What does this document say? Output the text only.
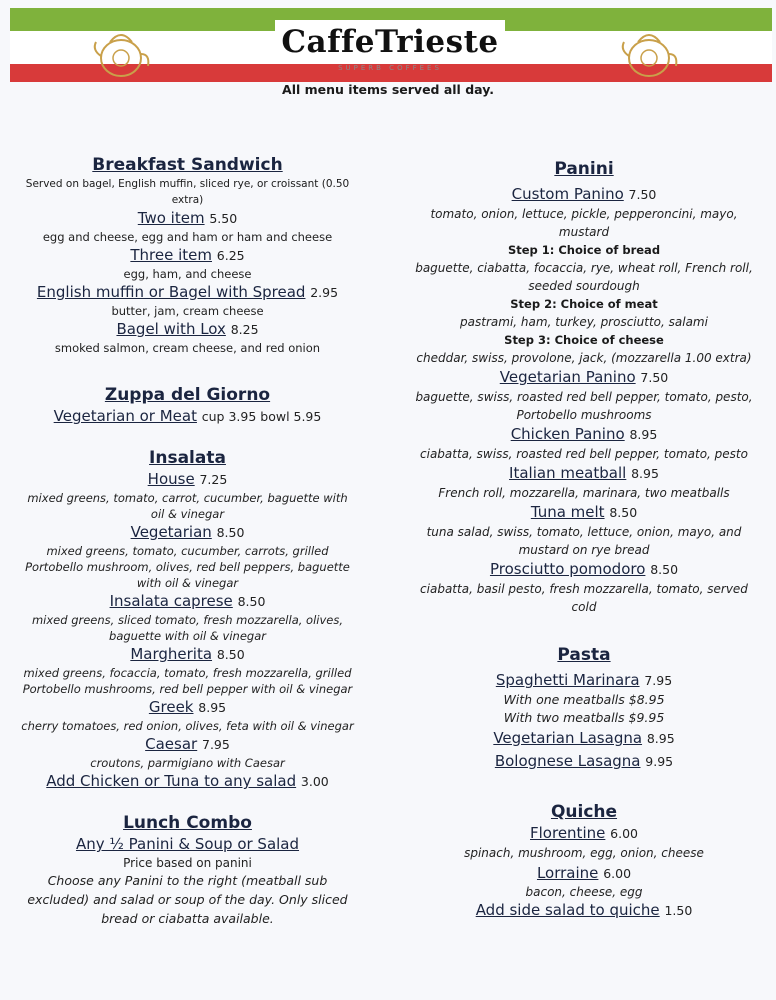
CaffeTrieste
SUPERB COFFEES
All menu items served all day.

Breakfast Sandwich

Served on bagel, English muffin, sliced rye, or croissant (0.50 extra)

Two item 5.50

egg and cheese, egg and ham or ham and cheese

Three item 6.25

egg, ham, and cheese

English muffin or Bagel with Spread 2.95

butter, jam, cream cheese

Bagel with Lox 8.25

smoked salmon, cream cheese, and red onion

Zuppa del Giorno

Vegetarian or Meat cup 3.95 bowl 5.95

Insalata

House 7.25

mixed greens, tomato, carrot, cucumber, baguette with oil & vinegar

Vegetarian 8.50

mixed greens, tomato, cucumber, carrots, grilled Portobello mushroom, olives, red bell peppers, baguette with oil & vinegar

Insalata caprese 8.50

mixed greens, sliced tomato, fresh mozzarella, olives, baguette with oil & vinegar

Margherita 8.50

mixed greens, focaccia, tomato, fresh mozzarella, grilled Portobello mushrooms, red bell pepper with oil & vinegar

Greek 8.95

cherry tomatoes, red onion, olives, feta with oil & vinegar

Caesar 7.95

croutons, parmigiano with Caesar

Add Chicken or Tuna to any salad 3.00

Lunch Combo

Any ½ Panini & Soup or Salad

Price based on panini

Choose any Panini to the right (meatball sub excluded) and salad or soup of the day. Only sliced bread or ciabatta available.

Panini

Custom Panino 7.50

tomato, onion, lettuce, pickle, pepperoncini, mayo, mustard

Step 1: Choice of bread

baguette, ciabatta, focaccia, rye, wheat roll, French roll, seeded sourdough

Step 2: Choice of meat

pastrami, ham, turkey, prosciutto, salami

Step 3: Choice of cheese

cheddar, swiss, provolone, jack, (mozzarella 1.00 extra)

Vegetarian Panino 7.50

baguette, swiss, roasted red bell pepper, tomato, pesto, Portobello mushrooms

Chicken Panino 8.95

ciabatta, swiss, roasted red bell pepper, tomato, pesto

Italian meatball 8.95

French roll, mozzarella, marinara, two meatballs

Tuna melt 8.50

tuna salad, swiss, tomato, lettuce, onion, mayo, and mustard on rye bread

Prosciutto pomodoro 8.50

ciabatta, basil pesto, fresh mozzarella, tomato, served cold

Pasta

Spaghetti Marinara 7.95

With one meatballs $8.95

With two meatballs $9.95

Vegetarian Lasagna 8.95

Bolognese Lasagna 9.95

Quiche

Florentine 6.00

spinach, mushroom, egg, onion, cheese

Lorraine 6.00

bacon, cheese, egg

Add side salad to quiche 1.50
